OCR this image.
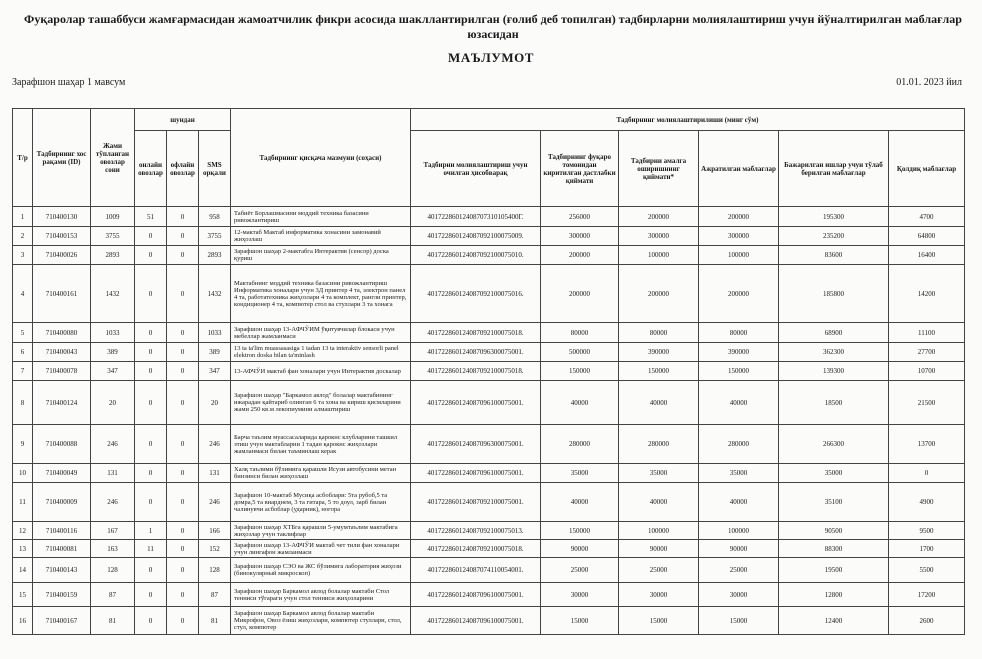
Фуқаролар ташаббуси жамғармасидан жамоатчилик фикри асосида шакллантирилган (ғолиб деб топилган) тадбирларни молиялаштириш учун йўналтирилган маблағлар юзасидан
МАЪЛУМОТ
Зарафшон шаҳар 1 мавсум	01.01. 2023 йил
Т/р	Тадбирнинг хос рақами (ID)	Жами тўпланган овозлар сони	шундан			Тадбирнинг қисқача мазмуни (соҳаси)	Тадбирнинг молиялаштирилиши (минг сўм)					
			онлайн овозлар	офлайн овозлар	SMS орқали		Тадбирни молиялаштириш учун очилган ҳисобварақ	Тадбирнинг фуқаро томонидан киритилган дастлабки қиймати	Тадбирни амалга оширишнинг қиймати*	Ажратилган маблағлар	Бажарилган ишлар учун тўлаб берилган маблағлар	Қолдиқ маблағлар
1	710400130	1009	51	0	958	Табиёт Борлашмасини моддий техника базасини ривожлантириш	40172286012408707310105400Г.	256000	200000	200000	195300	4700
2	710400153	3755	0	0	3755	12-мактаб Мактаб информатика хонасини замонавий жиҳозлаш	401722860124087092100075009.	300000	300000	300000	235200	64800
3	710400026	2893	0	0	2893	Зарафшон шаҳар 2-мактабга Интерактив (сенсор) доска қуриш	401722860124087092100075010.	200000	100000	100000	83600	16400
4	710400161	1432	0	0	1432	Мактабнинг моддий техника базасини ривожлантириш Информатика хоналари учун 3Д принтер 4 та, электрон панел 4 та, работатехника жиҳозлари 4 та комплект, рангли принтер, кондиционер 4 та, компютер стол ва стуллари 3 та хонага	401722860124087092100075016.	200000	200000	200000	185800	14200
5	710400080	1033	0	0	1033	Зарафшон шаҳар 13-АФЧЎИМ ўқитувчилар блокаси учун мебеллар жамланмаси	401722860124087092100075018.	80000	80000	80000	68900	11100
6	710400043	389	0	0	389	13 ta ta'lim muassasasiga 1 tadan 13 ta interaktiv sensorli panel elektron doska bilan ta'minlash	401722860124087096300075001.	500000	390000	390000	362300	27700
7	710400078	347	0	0	347	13-АФЧЎИ мактаб фан хоналари учун Интерактив доскалар	401722860124087092100075018.	150000	150000	150000	139300	10700
8	710400124	20	0	0	20	Зарафшон шаҳар "Баркамол авлод" болалар мактабининг ижарадан қайтариб олинган 6 та хона ва кириш қисмларини жами 250 кв.м лекопиумини алмаштириш	401722860124087096100075001.	40000	40000	40000	18500	21500
9	710400088	246	0	0	246	Барча таълим муассасаларида қарокнс клубларини ташкил этиш учун мактабларни 1 тадан қарокнс жиҳозлари жамланмаси билан таъминлаш керак	401722860124087096300075001.	280000	280000	280000	266300	13700
10	710400049	131	0	0	131	Халқ таълими бўлимига қарашли Исузи автобусини метан бинзинси билан жиҳозлаш	401722860124087096100075001.	35000	35000	35000	35000	0
11	710400009	246	0	0	246	Зарафшон 10-мактаб Мусиқа асбоблари: 5та рубоб,5 та домра,5 та виарднем, 3 та гитара, 5 то доул, зарб билан чалинувчи асбоблар (ударник), ногора	401722860124087092100075001.	40000	40000	40000	35100	4900
12	710400116	167	1	0	166	Зарафшон шаҳар ХТБга қарашли 5-умумтаълим мактабига жиҳозлар учун таклифлар	401722860124087092100075013.	150000	100000	100000	90500	9500
13	710400081	163	11	0	152	Зарафшон шаҳар 13-АФЧЎИ мактаб чет тили фан хоналари учун лингафон жамланмаси	401722860124087092100075018.	90000	90000	90000	88300	1700
14	710400143	128	0	0	128	Зарафшон шаҳар СЭО ва ЖС бўлимига лаборатория жиҳози (бинокулярный микроскоп)	401722860124087074110054001.	25000	25000	25000	19500	5500
15	710400159	87	0	0	87	Зарафшон шаҳар Баркамол авлод болалар мактаби Стол тенниси тўгараги учун стол тенниси жиҳозларини	401722860124087096100075001.	30000	30000	30000	12800	17200
16	710400167	81	0	0	81	Зарафшон шаҳар Баркамол авлод болалар мактаби Микрофон, Овоз ёзиш жиҳозлари, компютер стуллари, стол, стул, компютер	401722860124087096100075001.	15000	15000	15000	12400	2600
